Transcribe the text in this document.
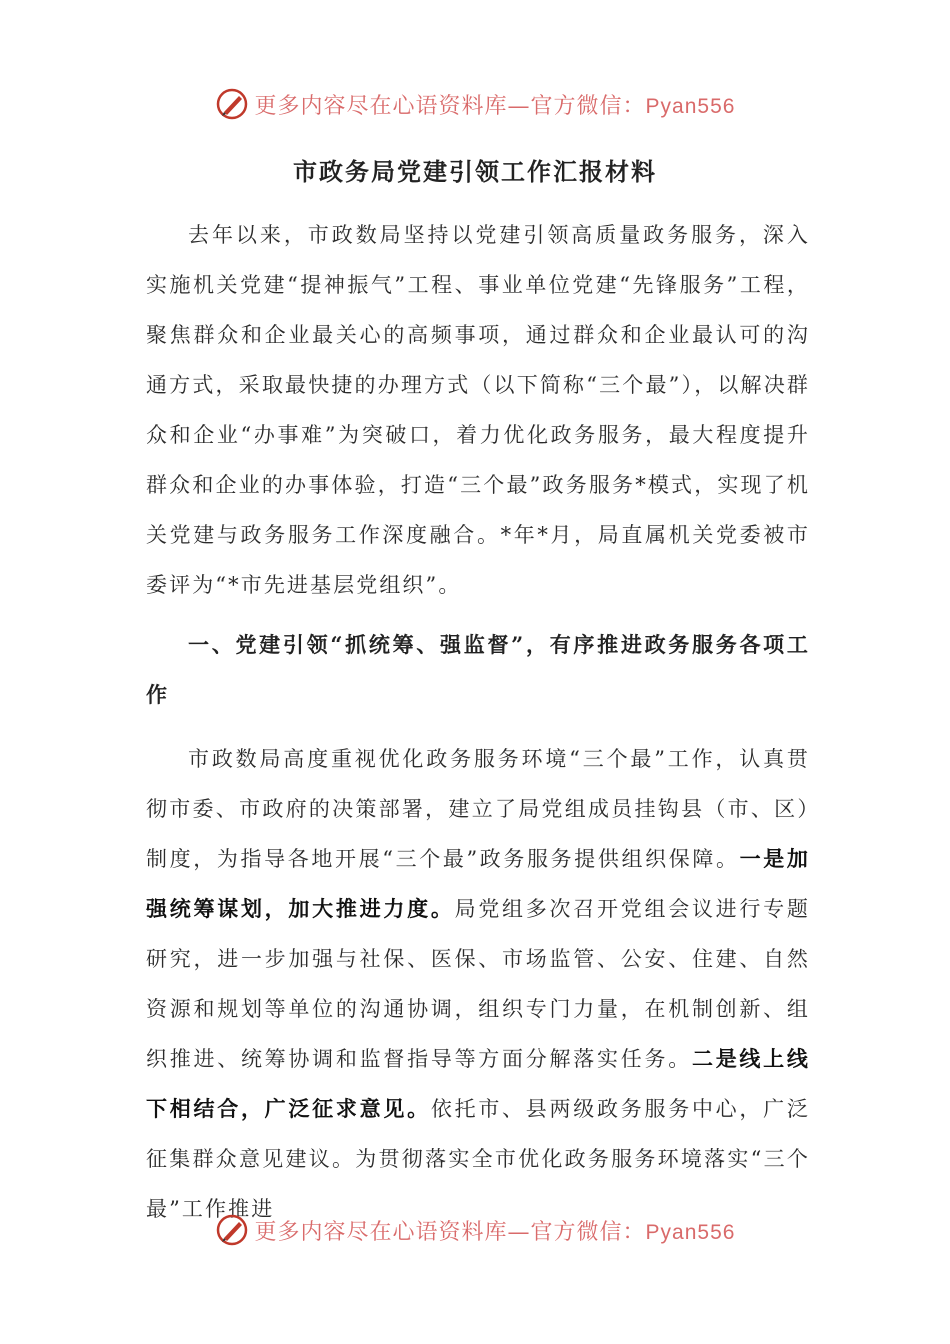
更多内容尽在心语资料库—官方微信：Pyan556
市政务局党建引领工作汇报材料

去年以来，市政数局坚持以党建引领高质量政务服务，深入实施机关党建“提神振气”工程、事业单位党建“先锋服务”工程，聚焦群众和企业最关心的高频事项，通过群众和企业最认可的沟通方式，采取最快捷的办理方式（以下简称“三个最”），以解决群众和企业“办事难”为突破口，着力优化政务服务，最大程度提升群众和企业的办事体验，打造“三个最”政务服务*模式，实现了机关党建与政务服务工作深度融合。*年*月，局直属机关党委被市委评为“*市先进基层党组织”。

一、党建引领“抓统筹、强监督”，有序推进政务服务各项工作

市政数局高度重视优化政务服务环境“三个最”工作，认真贯彻市委、市政府的决策部署，建立了局党组成员挂钩县（市、区）制度，为指导各地开展“三个最”政务服务提供组织保障。一是加强统筹谋划，加大推进力度。局党组多次召开党组会议进行专题研究，进一步加强与社保、医保、市场监管、公安、住建、自然资源和规划等单位的沟通协调，组织专门力量，在机制创新、组织推进、统筹协调和监督指导等方面分解落实任务。二是线上线下相结合，广泛征求意见。依托市、县两级政务服务中心，广泛征集群众意见建议。为贯彻落实全市优化政务服务环境落实“三个最”工作推进

更多内容尽在心语资料库—官方微信：Pyan556
